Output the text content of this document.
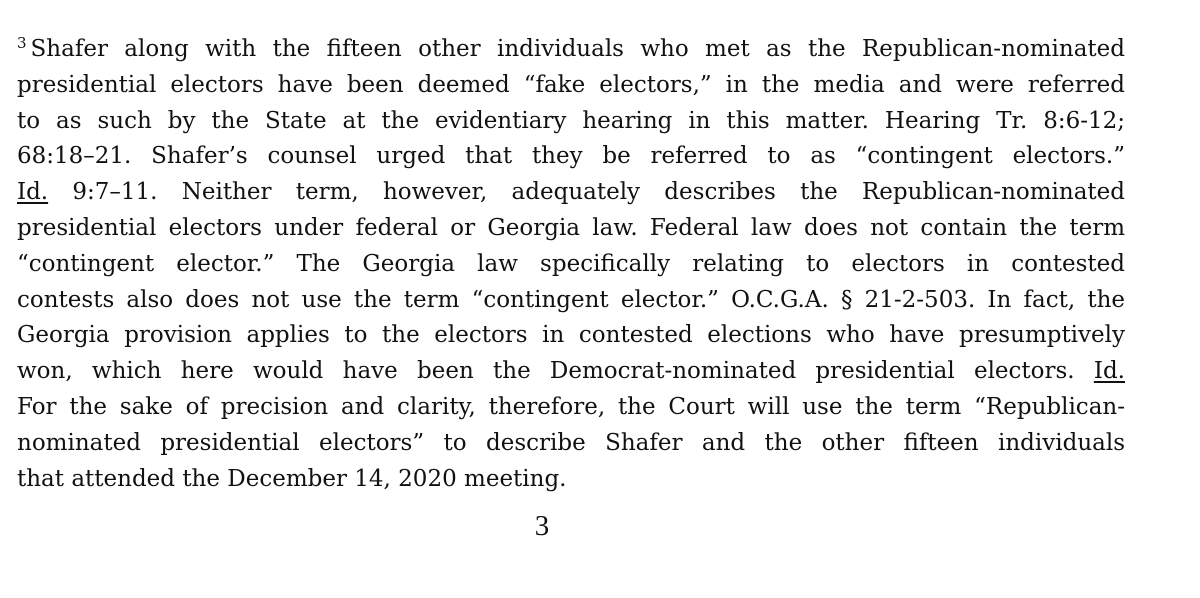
$^3$ Shafer along with the fifteen other individuals who met as the Republican-nominated
presidential electors have been deemed “fake electors,” in the media and were referred
to as such by the State at the evidentiary hearing in this matter. Hearing Tr. 8:6-12;
68:18–21. Shafer’s counsel urged that they be referred to as “contingent electors.”
Id. 9:7–11. Neither term, however, adequately describes the Republican-nominated
presidential electors under federal or Georgia law. Federal law does not contain the term
“contingent elector.” The Georgia law specifically relating to electors in contested
contests also does not use the term “contingent elector.” O.C.G.A. § 21-2-503. In fact, the
Georgia provision applies to the electors in contested elections who have presumptively
won, which here would have been the Democrat-nominated presidential electors. Id.
For the sake of precision and clarity, therefore, the Court will use the term “Republican-
nominated presidential electors” to describe Shafer and the other fifteen individuals
that attended the December 14, 2020 meeting.
3
